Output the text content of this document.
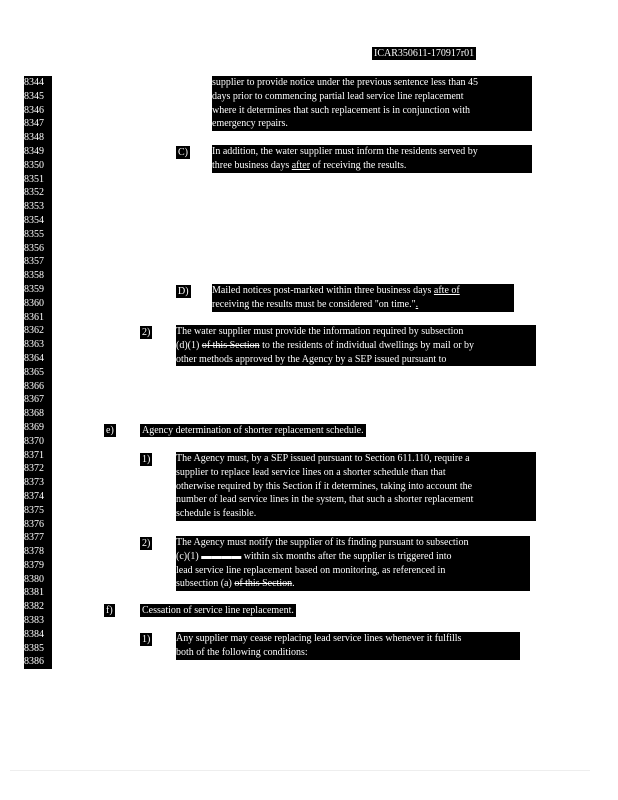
ICAR350611-170917r01
8344
8345
8346
8347
8348
8349
8350
8351
8352
8353
8354
8355
8356
8357
8358
8359
8360
8361
8362
8363
8364
8365
8366
8367
8368
8369
8370
8371
8372
8373
8374
8375
8376
8377
8378
8379
8380
8381
8382
8383
8384
8385
8386
supplier to provide notice under the previous sentence less than 45
days prior to commencing partial lead service line replacement
where it determines that such replacement is in conjunction with
emergency repairs.
C) In addition, the water supplier must inform the residents served by
three business days after of receiving the results.
D) Mailed notices post-marked within three business days afte of
receiving the results must be considered "on time.".
2)	The water supplier must provide the information required by subsection
(d)(1) of this Section to the residents of individual dwellings by mail or by
other methods approved by the Agency by a SEP issued pursuant to
e)	Agency determination of shorter replacement schedule.
1)	The Agency must, by a SEP issued pursuant to Section 611.110, require a
supplier to replace lead service lines on a shorter schedule than that
otherwise required by this Section if it determines, taking into account the
number of lead service lines in the system, that such a shorter replacement
schedule is feasible.
2)	The Agency must notify the supplier of its finding pursuant to subsection
(c)(1) ▬▬▬▬ within six months after the supplier is triggered into
lead service line replacement based on monitoring, as referenced in
subsection (a) of this Section.
f)	Cessation of service line replacement.
1)	Any supplier may cease replacing lead service lines whenever it fulfills
both of the following conditions:
